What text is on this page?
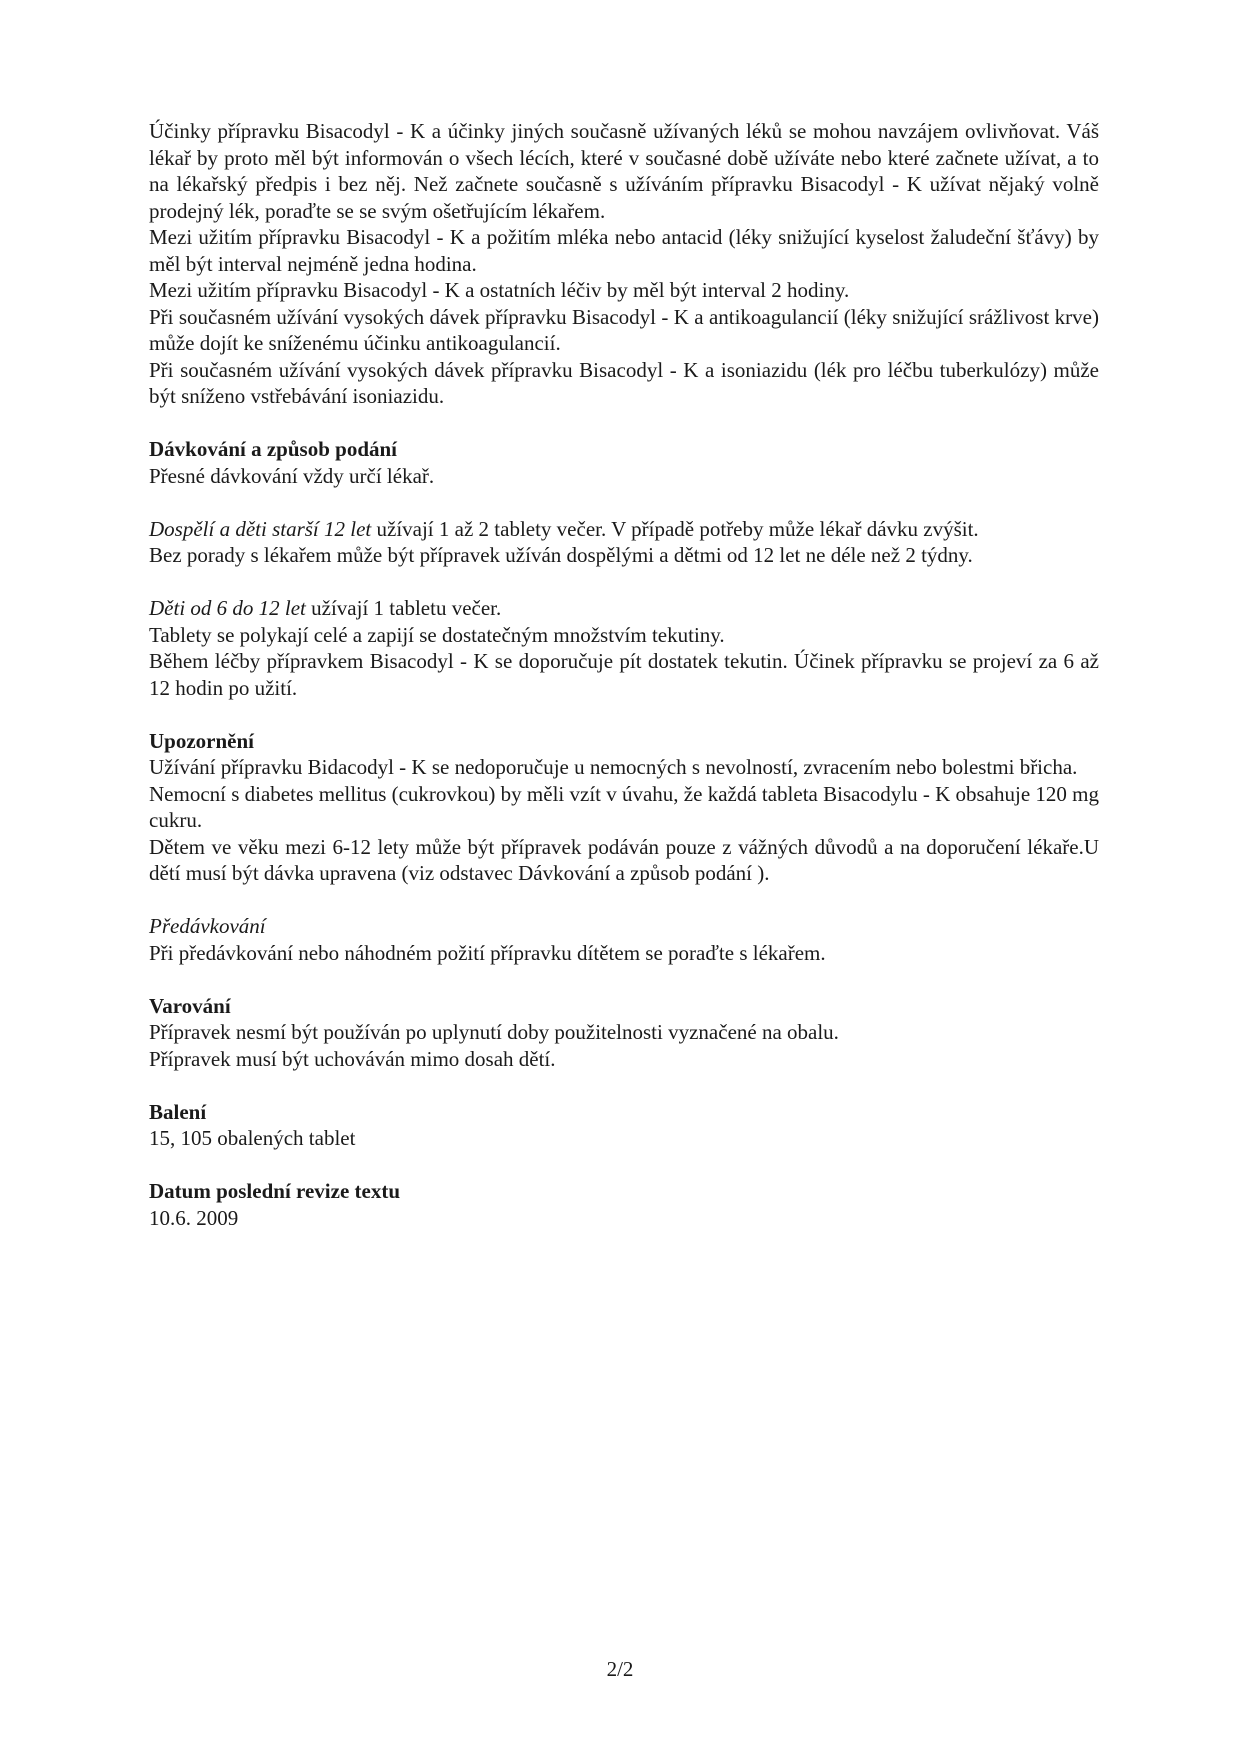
Účinky přípravku Bisacodyl - K a účinky jiných současně užívaných léků se mohou navzájem ovlivňovat. Váš lékař by proto měl být informován o všech lécích, které v současné době užíváte nebo které začnete užívat, a to na lékařský předpis i bez něj. Než začnete současně s užíváním přípravku Bisacodyl - K užívat nějaký volně prodejný lék, poraďte se se svým ošetřujícím lékařem.

Mezi užitím přípravku Bisacodyl - K a požitím mléka nebo antacid (léky snižující kyselost žaludeční šťávy) by měl být interval nejméně jedna hodina.

Mezi užitím přípravku Bisacodyl - K a ostatních léčiv by měl být interval 2 hodiny.

Při současném užívání vysokých dávek přípravku Bisacodyl - K a antikoagulancií (léky snižující srážlivost krve) může dojít ke sníženému účinku antikoagulancií.

Při současném užívání vysokých dávek přípravku Bisacodyl - K a isoniazidu (lék pro léčbu tuberkulózy) může být sníženo vstřebávání isoniazidu.

Dávkování a způsob podání

Přesné dávkování vždy určí lékař.

Dospělí a děti starší 12 let užívají 1 až 2 tablety večer. V případě potřeby může lékař dávku zvýšit.

Bez porady s lékařem může být přípravek užíván dospělými a dětmi od 12 let ne déle než 2 týdny.

Děti od 6 do 12 let užívají 1 tabletu večer.

Tablety se polykají celé a zapijí se dostatečným množstvím tekutiny.

Během léčby přípravkem Bisacodyl - K se doporučuje pít dostatek tekutin. Účinek přípravku se projeví za 6 až 12 hodin po užití.

Upozornění

Užívání přípravku Bidacodyl - K se nedoporučuje u nemocných s nevolností, zvracením nebo bolestmi břicha.

Nemocní s diabetes mellitus (cukrovkou) by měli vzít v úvahu, že každá tableta Bisacodylu - K obsahuje 120 mg cukru.

Dětem ve věku mezi 6-12 lety může být přípravek podáván pouze z vážných důvodů a na doporučení lékaře.U dětí musí být dávka upravena (viz odstavec Dávkování a způsob podání ).

Předávkování

Při předávkování nebo náhodném požití přípravku dítětem se poraďte s lékařem.

Varování

Přípravek nesmí být používán po uplynutí doby použitelnosti vyznačené na obalu.

Přípravek musí být uchováván mimo dosah dětí.

Balení

15, 105 obalených tablet

Datum poslední revize textu

10.6. 2009

2/2
